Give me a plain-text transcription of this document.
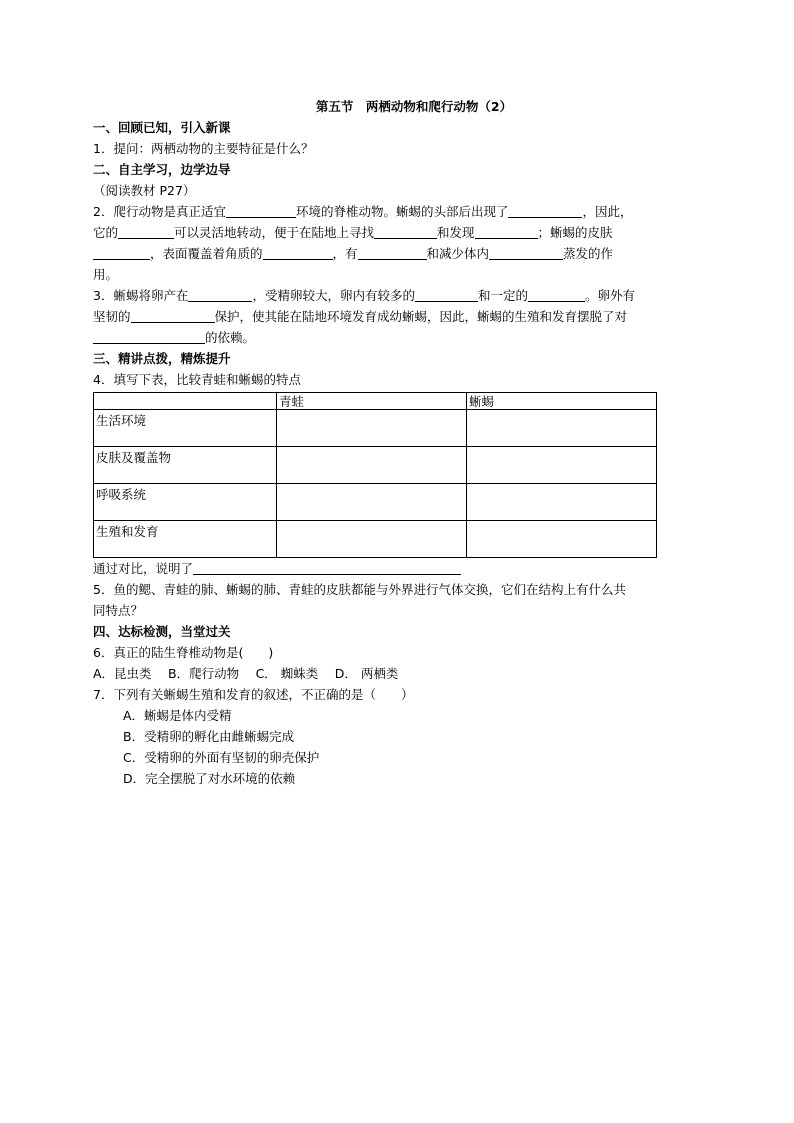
第五节　两栖动物和爬行动物（2）
一、回顾已知，引入新课
1．提问：两栖动物的主要特征是什么？
二、自主学习，边学边导
（阅读教材 P27）
2．爬行动物是真正适宜	环境的脊椎动物。蜥蜴的头部后出现了	，因此，
它的	可以灵活地转动，便于在陆地上寻找	和发现	；蜥蜴的皮肤
，表面覆盖着角质的	，有	和减少体内	蒸发的作
用。
3．蜥蜴将卵产在	，受精卵较大，卵内有较多的	和一定的	。卵外有
坚韧的	保护，使其能在陆地环境发育成幼蜥蜴，因此，蜥蜴的生殖和发育摆脱了对
的依赖。
三、精讲点拨，精炼提升
4．填写下表，比较青蛙和蜥蜴的特点
	青蛙	蜥蜴
生活环境		
皮肤及覆盖物		
呼吸系统		
生殖和发育		
通过对比，说明了
5．鱼的鳃、青蛙的肺、蜥蜴的肺、青蛙的皮肤都能与外界进行气体交换，它们在结构上有什么共
同特点？
四、达标检测，当堂过关
6．真正的陆生脊椎动物是(　　)
A．昆虫类　 B．爬行动物　 C． 蜘蛛类　 D． 两栖类
7．下列有关蜥蜴生殖和发育的叙述，不正确的是（　　）
A．蜥蜴是体内受精
B．受精卵的孵化由雌蜥蜴完成
C．受精卵的外面有坚韧的卵壳保护
D．完全摆脱了对水环境的依赖
